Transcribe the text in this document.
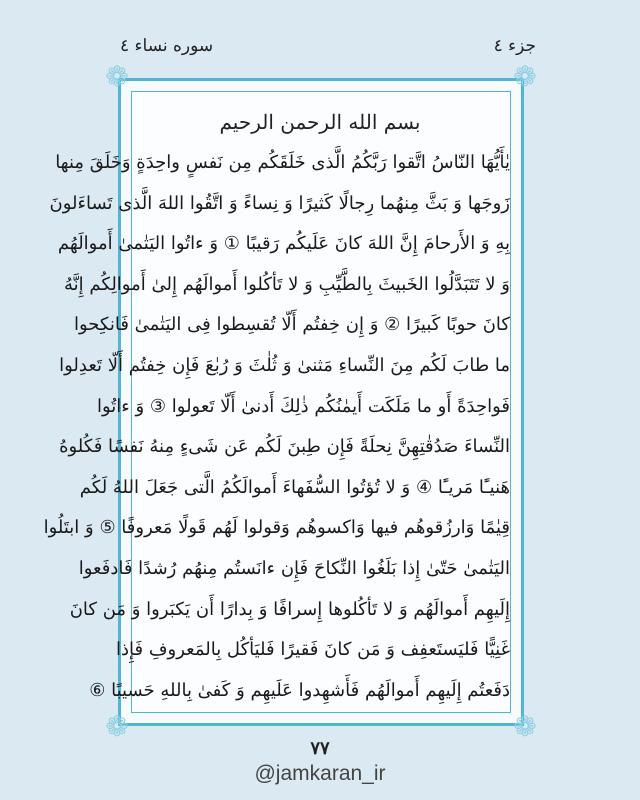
جزء ٤
سوره نساء ٤
❁	❁
❁	❁
بسم الله الرحمن الرحيم
يٰأَيُّهَا النّاسُ اتَّقوا رَبَّكُمُ الَّذى خَلَقَكُم مِن نَفسٍ واحِدَةٍ وَخَلَقَ مِنها
زَوجَها وَ بَثَّ مِنهُما رِجالًا كَثيرًا وَ نِساءً وَ اتَّقُوا اللهَ الَّذى تَساءَلونَ
بِهِ وَ الأَرحامَ إِنَّ اللهَ كانَ عَلَيكُم رَقيبًا ① وَ ءاتُوا اليَتٰمىٰ أَموالَهُم
وَ لا تَتَبَدَّلُوا الخَبيثَ بِالطَّيِّبِ وَ لا تَأكُلوا أَموالَهُم إِلىٰ أَموالِكُم إِنَّهُ
كانَ حوبًا كَبيرًا ② وَ إِن خِفتُم أَلّا تُقسِطوا فِى اليَتٰمىٰ فَانكِحوا
ما طابَ لَكُم مِنَ النِّساءِ مَثنىٰ وَ ثُلٰثَ وَ رُبٰعَ فَإِن خِفتُم أَلّا تَعدِلوا
فَواحِدَةً أَو ما مَلَكَت أَيمٰنُكُم ذٰلِكَ أَدنىٰ أَلّا تَعولوا ③ وَ ءاتُوا
النِّساءَ صَدُقٰتِهِنَّ نِحلَةً فَإِن طِبنَ لَكُم عَن شَىءٍ مِنهُ نَفسًا فَكُلوهُ
هَنيـًٔا مَريـًٔا ④ وَ لا تُؤتُوا السُّفَهاءَ أَموالَكُمُ الَّتى جَعَلَ اللهُ لَكُم
قِيٰمًا وَارزُقوهُم فيها وَاكسوهُم وَقولوا لَهُم قَولًا مَعروفًا ⑤ وَ ابتَلُوا
اليَتٰمىٰ حَتّىٰ إِذا بَلَغُوا النِّكاحَ فَإِن ءانَستُم مِنهُم رُشدًا فَادفَعوا
إِلَيهِم أَموالَهُم وَ لا تَأكُلوها إِسرافًا وَ بِدارًا أَن يَكبَروا وَ مَن كانَ
غَنِيًّا فَليَستَعفِف وَ مَن كانَ فَقيرًا فَليَأكُل بِالمَعروفِ فَإِذا
دَفَعتُم إِلَيهِم أَموالَهُم فَأَشهِدوا عَلَيهِم وَ كَفىٰ بِاللهِ حَسيبًا ⑥
٧٧
@jamkaran_ir
